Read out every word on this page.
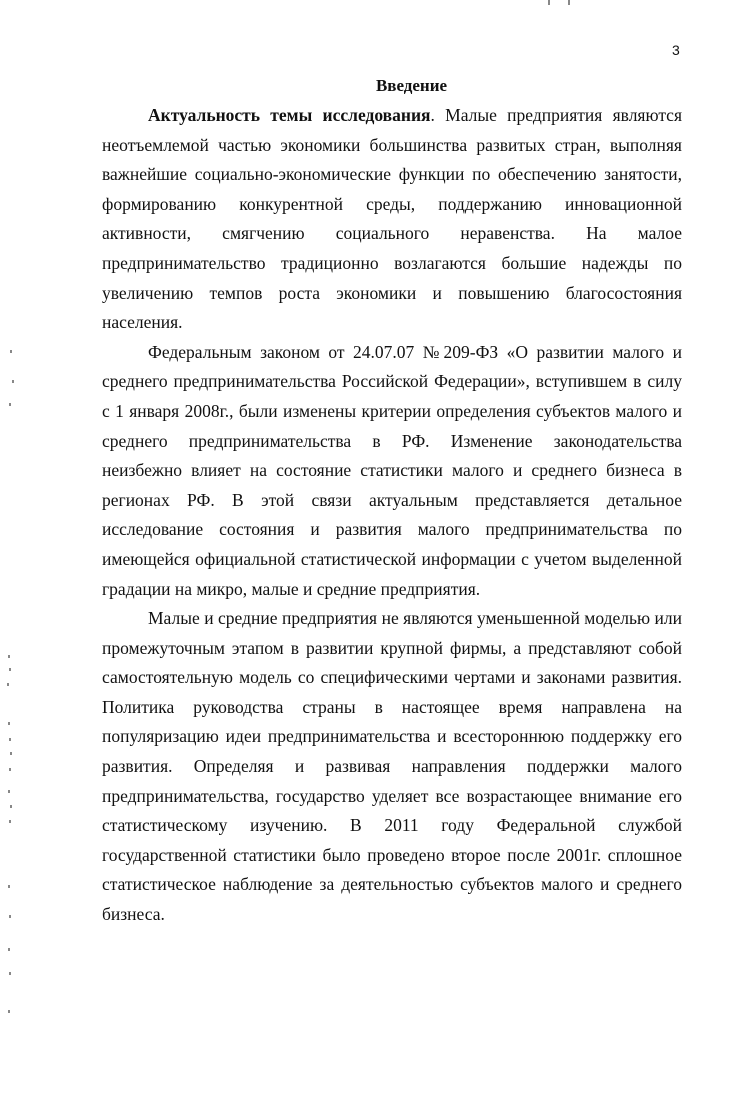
3
Введение

Актуальность темы исследования. Малые предприятия являются неотъемлемой частью экономики большинства развитых стран, выполняя важнейшие социально-экономические функции по обеспечению занятости, формированию конкурентной среды, поддержанию инновационной активности, смягчению социального неравенства. На малое предпринимательство традиционно возлагаются большие надежды по увеличению темпов роста экономики и повышению благосостояния населения.

Федеральным законом от 24.07.07 №209-ФЗ «О развитии малого и среднего предпринимательства Российской Федерации», вступившем в силу с 1 января 2008г., были изменены критерии определения субъектов малого и среднего предпринимательства в РФ. Изменение законодательства неизбежно влияет на состояние статистики малого и среднего бизнеса в регионах РФ. В этой связи актуальным представляется детальное исследование состояния и развития малого предпринимательства по имеющейся официальной статистической информации с учетом выделенной градации на микро, малые и средние предприятия.

Малые и средние предприятия не являются уменьшенной моделью или промежуточным этапом в развитии крупной фирмы, а представляют собой самостоятельную модель со специфическими чертами и законами развития. Политика руководства страны в настоящее время направлена на популяризацию идеи предпринимательства и всестороннюю поддержку его развития. Определяя и развивая направления поддержки малого предпринимательства, государство уделяет все возрастающее внимание его статистическому изучению. В 2011 году Федеральной службой государственной статистики было проведено второе после 2001г. сплошное статистическое наблюдение за деятельностью субъектов малого и среднего бизнеса.
